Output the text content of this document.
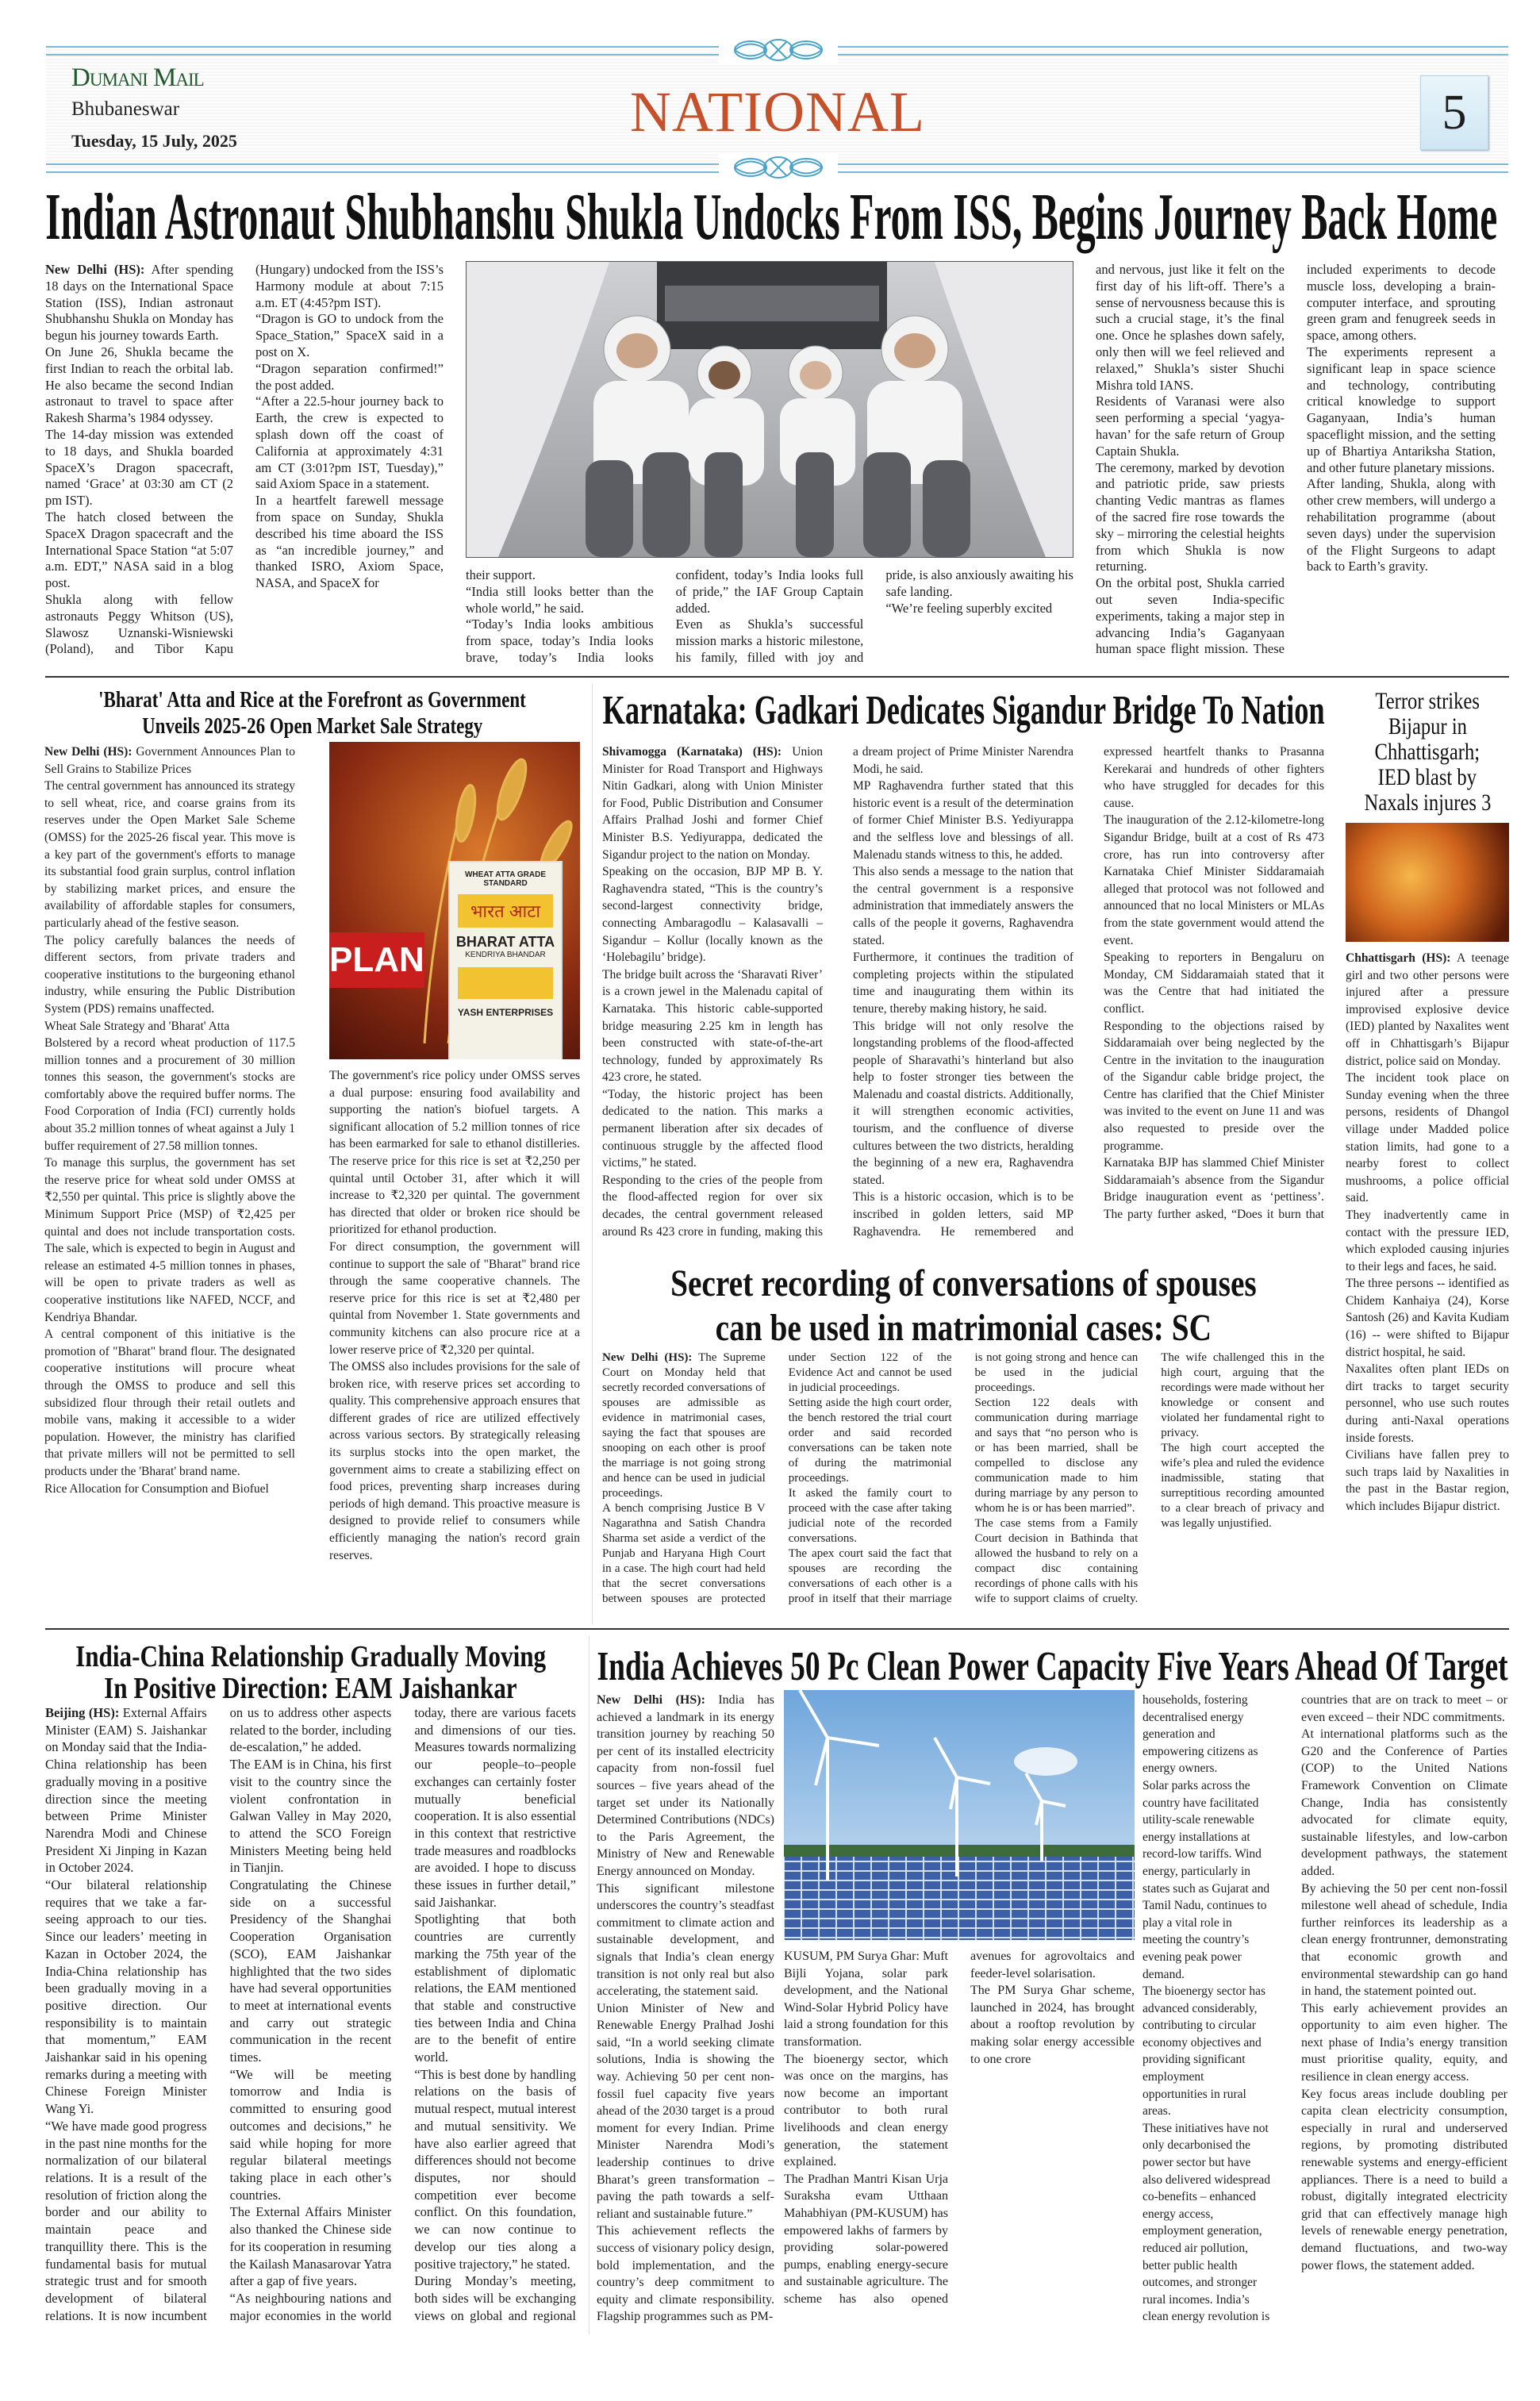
Dumani Mail
Bhubaneswar
Tuesday, 15 July, 2025	NATIONAL	5
Indian Astronaut Shubhanshu Shukla Undocks From ISS, Begins Journey Back Home

New Delhi (HS): After spending 18 days on the International Space Station (ISS), Indian astronaut Shubhanshu Shukla on Monday has begun his journey towards Earth.

On June 26, Shukla became the first Indian to reach the orbital lab. He also became the second Indian astronaut to travel to space after Rakesh Sharma’s 1984 odyssey.

The 14-day mission was extended to 18 days, and Shukla boarded SpaceX’s Dragon spacecraft, named ‘Grace’ at 03:30 am CT (2 pm IST).

The hatch closed between the SpaceX Dragon spacecraft and the International Space Station “at 5:07 a.m. EDT,” NASA said in a blog post.

Shukla along with fellow astronauts Peggy Whitson (US), Slawosz Uznanski-Wisniewski (Poland), and Tibor Kapu (Hungary) undocked from the ISS’s Harmony module at about 7:15 a.m. ET (4:45?pm IST).

“Dragon is GO to undock from the Space_Station,” SpaceX said in a post on X.

“Dragon separation confirmed!” the post added.

“After a 22.5-hour journey back to Earth, the crew is expected to splash down off the coast of California at approximately 4:31 am CT (3:01?pm IST, Tuesday),” said Axiom Space in a statement.

In a heartfelt farewell message from space on Sunday, Shukla described his time aboard the ISS as “an incredible journey,” and thanked ISRO, Axiom Space, NASA, and SpaceX for

their support.

“India still looks better than the whole world,” he said.

“Today’s India looks ambitious from space, today’s India looks brave, today’s India looks confident, today’s India looks full of pride,” the IAF Group Captain added.

Even as Shukla’s successful mission marks a historic milestone, his family, filled with joy and pride, is also anxiously awaiting his safe landing.

“We’re feeling superbly excited

and nervous, just like it felt on the first day of his lift-off. There’s a sense of nervousness because this is such a crucial stage, it’s the final one. Once he splashes down safely, only then will we feel relieved and relaxed,” Shukla’s sister Shuchi Mishra told IANS.

Residents of Varanasi were also seen performing a special ‘yagya-havan’ for the safe return of Group Captain Shukla.

The ceremony, marked by devotion and patriotic pride, saw priests chanting Vedic mantras as flames of the sacred fire rose towards the sky – mirroring the celestial heights from which Shukla is now returning.

On the orbital post, Shukla carried out seven India-specific experiments, taking a major step in advancing India’s Gaganyaan human space flight mission. These included experiments to decode muscle loss, developing a brain-computer interface, and sprouting green gram and fenugreek seeds in space, among others.

The experiments represent a significant leap in space science and technology, contributing critical knowledge to support Gaganyaan, India’s human spaceflight mission, and the setting up of Bhartiya Antariksha Station, and other future planetary missions.

After landing, Shukla, along with other crew members, will undergo a rehabilitation programme (about seven days) under the supervision of the Flight Surgeons to adapt back to Earth’s gravity.

'Bharat' Atta and Rice at the Forefront as Government
Unveils 2025-26 Open Market Sale Strategy

New Delhi (HS): Government Announces Plan to Sell Grains to Stabilize Prices

The central government has announced its strategy to sell wheat, rice, and coarse grains from its reserves under the Open Market Sale Scheme (OMSS) for the 2025-26 fiscal year. This move is a key part of the government's efforts to manage its substantial food grain surplus, control inflation by stabilizing market prices, and ensure the availability of affordable staples for consumers, particularly ahead of the festive season.

The policy carefully balances the needs of different sectors, from private traders and cooperative institutions to the burgeoning ethanol industry, while ensuring the Public Distribution System (PDS) remains unaffected.

Wheat Sale Strategy and 'Bharat' Atta

Bolstered by a record wheat production of 117.5 million tonnes and a procurement of 30 million tonnes this season, the government's stocks are comfortably above the required buffer norms. The Food Corporation of India (FCI) currently holds about 35.2 million tonnes of wheat against a July 1 buffer requirement of 27.58 million tonnes.

To manage this surplus, the government has set the reserve price for wheat sold under OMSS at ₹2,550 per quintal. This price is slightly above the Minimum Support Price (MSP) of ₹2,425 per quintal and does not include transportation costs. The sale, which is expected to begin in August and release an estimated 4-5 million tonnes in phases, will be open to private traders as well as cooperative institutions like NAFED, NCCF, and Kendriya Bhandar.

A central component of this initiative is the promotion of "Bharat" brand flour. The designated cooperative institutions will procure wheat through the OMSS to produce and sell this subsidized flour through their retail outlets and mobile vans, making it accessible to a wider population. However, the ministry has clarified that private millers will not be permitted to sell products under the 'Bharat' brand name.

Rice Allocation for Consumption and Biofuel

PLAN
WHEAT ATTA GRADE STANDARD
भारत आटा
BHARAT ATTA
KENDRIYA BHANDAR
YASH ENTERPRISES

The government's rice policy under OMSS serves a dual purpose: ensuring food availability and supporting the nation's biofuel targets. A significant allocation of 5.2 million tonnes of rice has been earmarked for sale to ethanol distilleries. The reserve price for this rice is set at ₹2,250 per quintal until October 31, after which it will increase to ₹2,320 per quintal. The government has directed that older or broken rice should be prioritized for ethanol production.

For direct consumption, the government will continue to support the sale of "Bharat" brand rice through the same cooperative channels. The reserve price for this rice is set at ₹2,480 per quintal from November 1. State governments and community kitchens can also procure rice at a lower reserve price of ₹2,320 per quintal.

The OMSS also includes provisions for the sale of broken rice, with reserve prices set according to quality. This comprehensive approach ensures that different grades of rice are utilized effectively across various sectors. By strategically releasing its surplus stocks into the open market, the government aims to create a stabilizing effect on food prices, preventing sharp increases during periods of high demand. This proactive measure is designed to provide relief to consumers while efficiently managing the nation's record grain reserves.

Karnataka: Gadkari Dedicates Sigandur Bridge To Nation

Shivamogga (Karnataka) (HS): Union Minister for Road Transport and Highways Nitin Gadkari, along with Union Minister for Food, Public Distribution and Consumer Affairs Pralhad Joshi and former Chief Minister B.S. Yediyurappa, dedicated the Sigandur project to the nation on Monday.

Speaking on the occasion, BJP MP B. Y. Raghavendra stated, “This is the country’s second-largest connectivity bridge, connecting Ambaragodlu – Kalasavalli – Sigandur – Kollur (locally known as the ‘Holebagilu’ bridge).

The bridge built across the ‘Sharavati River’ is a crown jewel in the Malenadu capital of Karnataka. This historic cable-supported bridge measuring 2.25 km in length has been constructed with state-of-the-art technology, funded by approximately Rs 423 crore, he stated.

“Today, the historic project has been dedicated to the nation. This marks a permanent liberation after six decades of continuous struggle by the affected flood victims,” he stated.

Responding to the cries of the people from the flood-affected region for over six decades, the central government released around Rs 423 crore in funding, making this a dream project of Prime Minister Narendra Modi, he said.

MP Raghavendra further stated that this historic event is a result of the determination of former Chief Minister B.S. Yediyurappa and the selfless love and blessings of all. Malenadu stands witness to this, he added.

This also sends a message to the nation that the central government is a responsive administration that immediately answers the calls of the people it governs, Raghavendra stated.

Furthermore, it continues the tradition of completing projects within the stipulated time and inaugurating them within its tenure, thereby making history, he said.

This bridge will not only resolve the longstanding problems of the flood-affected people of Sharavathi’s hinterland but also help to foster stronger ties between the Malenadu and coastal districts. Additionally, it will strengthen economic activities, tourism, and the confluence of diverse cultures between the two districts, heralding the beginning of a new era, Raghavendra stated.

This is a historic occasion, which is to be inscribed in golden letters, said MP Raghavendra. He remembered and expressed heartfelt thanks to Prasanna Kerekarai and hundreds of other fighters who have struggled for decades for this cause.

The inauguration of the 2.12-kilometre-long Sigandur Bridge, built at a cost of Rs 473 crore, has run into controversy after Karnataka Chief Minister Siddaramaiah alleged that protocol was not followed and announced that no local Ministers or MLAs from the state government would attend the event.

Speaking to reporters in Bengaluru on Monday, CM Siddaramaiah stated that it was the Centre that had initiated the conflict.

Responding to the objections raised by Siddaramaiah over being neglected by the Centre in the invitation to the inauguration of the Sigandur cable bridge project, the Centre has clarified that the Chief Minister was invited to the event on June 11 and was also requested to preside over the programme.

Karnataka BJP has slammed Chief Minister Siddaramaiah’s absence from the Sigandur Bridge inauguration event as ‘pettiness’. The party further asked, “Does it burn that

Secret recording of conversations of spouses
can be used in matrimonial cases: SC

New Delhi (HS): The Supreme Court on Monday held that secretly recorded conversations of spouses are admissible as evidence in matrimonial cases, saying the fact that spouses are snooping on each other is proof the marriage is not going strong and hence can be used in judicial proceedings.

A bench comprising Justice B V Nagarathna and Satish Chandra Sharma set aside a verdict of the Punjab and Haryana High Court in a case. The high court had held that the secret conversations between spouses are protected under Section 122 of the Evidence Act and cannot be used in judicial proceedings.

Setting aside the high court order, the bench restored the trial court order and said recorded conversations can be taken note of during the matrimonial proceedings.

It asked the family court to proceed with the case after taking judicial note of the recorded conversations.

The apex court said the fact that spouses are recording the conversations of each other is a proof in itself that their marriage is not going strong and hence can be used in the judicial proceedings.

Section 122 deals with communication during marriage and says that “no person who is or has been married, shall be compelled to disclose any communication made to him during marriage by any person to whom he is or has been married”.

The case stems from a Family Court decision in Bathinda that allowed the husband to rely on a compact disc containing recordings of phone calls with his wife to support claims of cruelty. The wife challenged this in the high court, arguing that the recordings were made without her knowledge or consent and violated her fundamental right to privacy.

The high court accepted the wife’s plea and ruled the evidence inadmissible, stating that surreptitious recording amounted to a clear breach of privacy and was legally unjustified.

Terror strikes
Bijapur in
Chhattisgarh;
IED blast by
Naxals injures 3

Chhattisgarh (HS): A teenage girl and two other persons were injured after a pressure improvised explosive device (IED) planted by Naxalites went off in Chhattisgarh’s Bijapur district, police said on Monday.

The incident took place on Sunday evening when the three persons, residents of Dhangol village under Madded police station limits, had gone to a nearby forest to collect mushrooms, a police official said.

They inadvertently came in contact with the pressure IED, which exploded causing injuries to their legs and faces, he said.

The three persons -- identified as Chidem Kanhaiya (24), Korse Santosh (26) and Kavita Kudiam (16) -- were shifted to Bijapur district hospital, he said.

Naxalites often plant IEDs on dirt tracks to target security personnel, who use such routes during anti-Naxal operations inside forests.

Civilians have fallen prey to such traps laid by Naxalities in the past in the Bastar region, which includes Bijapur district.

India-China Relationship Gradually Moving
In Positive Direction: EAM Jaishankar

Beijing (HS): External Affairs Minister (EAM) S. Jaishankar on Monday said that the India-China relationship has been gradually moving in a positive direction since the meeting between Prime Minister Narendra Modi and Chinese President Xi Jinping in Kazan in October 2024.

“Our bilateral relationship requires that we take a far-seeing approach to our ties. Since our leaders’ meeting in Kazan in October 2024, the India-China relationship has been gradually moving in a positive direction. Our responsibility is to maintain that momentum,” EAM Jaishankar said in his opening remarks during a meeting with Chinese Foreign Minister Wang Yi.

“We have made good progress in the past nine months for the normalization of our bilateral relations. It is a result of the resolution of friction along the border and our ability to maintain peace and tranquillity there. This is the fundamental basis for mutual strategic trust and for smooth development of bilateral relations. It is now incumbent on us to address other aspects related to the border, including de-escalation,” he added.

The EAM is in China, his first visit to the country since the violent confrontation in Galwan Valley in May 2020, to attend the SCO Foreign Ministers Meeting being held in Tianjin.

Congratulating the Chinese side on a successful Presidency of the Shanghai Cooperation Organisation (SCO), EAM Jaishankar highlighted that the two sides have had several opportunities to meet at international events and carry out strategic communication in the recent times.

“We will be meeting tomorrow and India is committed to ensuring good outcomes and decisions,” he said while hoping for more regular bilateral meetings taking place in each other’s countries.

The External Affairs Minister also thanked the Chinese side for its cooperation in resuming the Kailash Manasarovar Yatra after a gap of five years.

“As neighbouring nations and major economies in the world today, there are various facets and dimensions of our ties. Measures towards normalizing our people–to–people exchanges can certainly foster mutually beneficial cooperation. It is also essential in this context that restrictive trade measures and roadblocks are avoided. I hope to discuss these issues in further detail,” said Jaishankar.

Spotlighting that both countries are currently marking the 75th year of the establishment of diplomatic relations, the EAM mentioned that stable and constructive ties between India and China are to the benefit of entire world.

“This is best done by handling relations on the basis of mutual respect, mutual interest and mutual sensitivity. We have also earlier agreed that differences should not become disputes, nor should competition ever become conflict. On this foundation, we can now continue to develop our ties along a positive trajectory,” he stated.

During Monday’s meeting, both sides will be exchanging views on global and regional

India Achieves 50 Pc Clean Power Capacity Five Years Ahead Of Target

New Delhi (HS): India has achieved a landmark in its energy transition journey by reaching 50 per cent of its installed electricity capacity from non-fossil fuel sources – five years ahead of the target set under its Nationally Determined Contributions (NDCs) to the Paris Agreement, the Ministry of New and Renewable Energy announced on Monday.

This significant milestone underscores the country’s steadfast commitment to climate action and sustainable development, and signals that India’s clean energy transition is not only real but also accelerating, the statement said.

Union Minister of New and Renewable Energy Pralhad Joshi said, “In a world seeking climate solutions, India is showing the way. Achieving 50 per cent non-fossil fuel capacity five years ahead of the 2030 target is a proud moment for every Indian. Prime Minister Narendra Modi’s leadership continues to drive Bharat’s green transformation – paving the path towards a self-reliant and sustainable future.”

This achievement reflects the success of visionary policy design, bold implementation, and the country’s deep commitment to equity and climate responsibility. Flagship programmes such as PM-

KUSUM, PM Surya Ghar: Muft Bijli Yojana, solar park development, and the National Wind-Solar Hybrid Policy have laid a strong foundation for this transformation.

The bioenergy sector, which was once on the margins, has now become an important contributor to both rural livelihoods and clean energy generation, the statement explained.

The Pradhan Mantri Kisan Urja Suraksha evam Utthaan Mahabhiyan (PM-KUSUM) has empowered lakhs of farmers by providing solar-powered pumps, enabling energy-secure and sustainable agriculture. The scheme has also opened avenues for agrovoltaics and feeder-level solarisation.

The PM Surya Ghar scheme, launched in 2024, has brought about a rooftop revolution by making solar energy accessible to one crore

households, fostering decentralised energy generation and empowering citizens as energy owners.

Solar parks across the country have facilitated utility-scale renewable energy installations at record-low tariffs. Wind energy, particularly in states such as Gujarat and Tamil Nadu, continues to play a vital role in meeting the country’s evening peak power demand.

The bioenergy sector has advanced considerably, contributing to circular economy objectives and providing significant employment opportunities in rural areas.

These initiatives have not only decarbonised the power sector but have also delivered widespread co-benefits – enhanced energy access, employment generation, reduced air pollution, better public health outcomes, and stronger rural incomes. India’s clean energy revolution is

countries that are on track to meet – or even exceed – their NDC commitments.

At international platforms such as the G20 and the Conference of Parties (COP) to the United Nations Framework Convention on Climate Change, India has consistently advocated for climate equity, sustainable lifestyles, and low-carbon development pathways, the statement added.

By achieving the 50 per cent non-fossil milestone well ahead of schedule, India further reinforces its leadership as a clean energy frontrunner, demonstrating that economic growth and environmental stewardship can go hand in hand, the statement pointed out.

This early achievement provides an opportunity to aim even higher. The next phase of India’s energy transition must prioritise quality, equity, and resilience in clean energy access.

Key focus areas include doubling per capita clean electricity consumption, especially in rural and underserved regions, by promoting distributed renewable systems and energy-efficient appliances. There is a need to build a robust, digitally integrated electricity grid that can effectively manage high levels of renewable energy penetration, demand fluctuations, and two-way power flows, the statement added.
